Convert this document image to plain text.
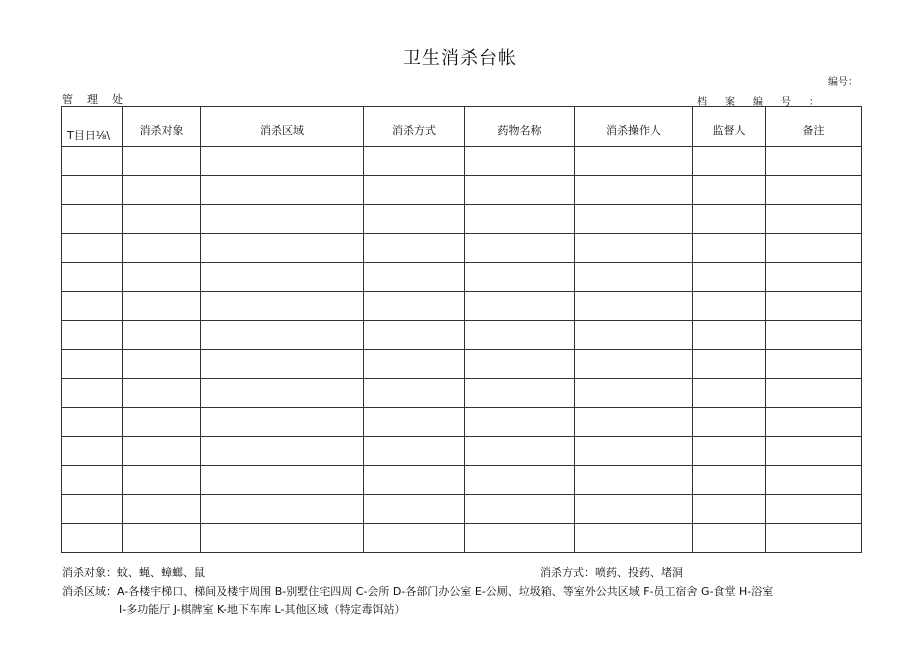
卫生消杀台帐
编号：
管理处	档案编号：
T目日⅛\	消杀对象	消杀区域	消杀方式	药物名称	消杀操作人	监督人	备注

消杀对象：蚊、蝇、蟑螂、鼠	消杀方式：喷药、投药、堵洞
消杀区域：A-各楼宇梯口、梯间及楼宇周围 B-别墅住宅四周 C-会所 D-各部门办公室 E-公厕、垃圾箱、等室外公共区域 F-员工宿舍 G-食堂 H-浴室
I-多功能厅 J-棋牌室 K-地下车库 L-其他区域（特定毒饵站）
